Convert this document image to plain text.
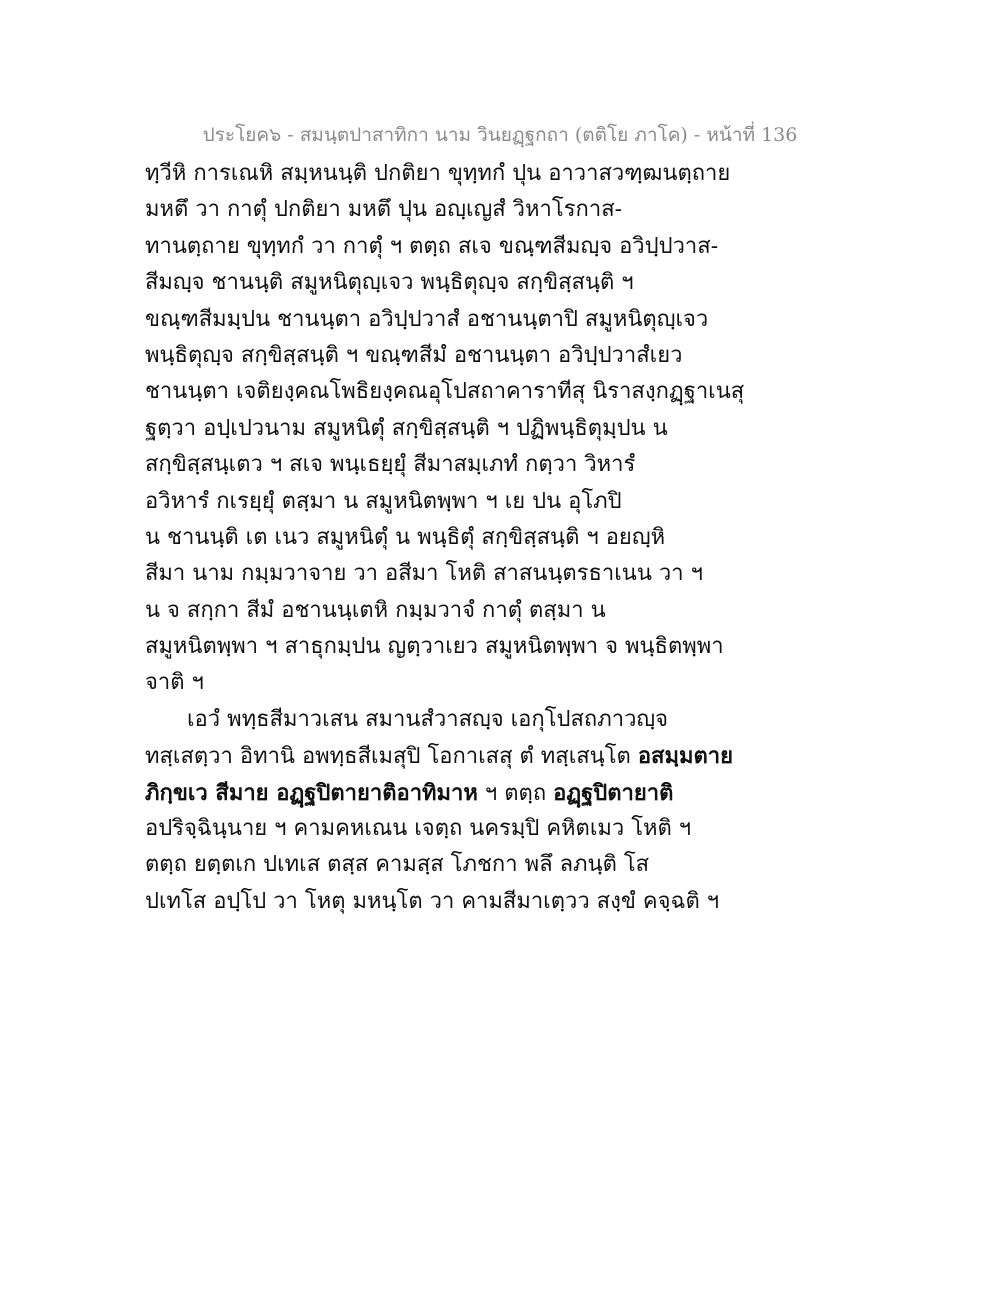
ประโยค๖ - สมนฺตปาสาทิกา นาม วินยฏฺฐกถา (ตติโย ภาโค) - หน้าที่ 136
ทฺวีหิ การเณหิ สมฺหนนฺติ ปกติยา ขุทฺทกํ ปุน อาวาสวฑฺฒนตฺถาย
มหตึ วา กาตุํ ปกติยา มหตึ ปุน อญฺเญสํ วิหาโรกาส-
ทานตฺถาย ขุทฺทกํ วา กาตุํ ฯ ตตฺถ สเจ ขณฺฑสีมญฺจ อวิปฺปวาส-
สีมญฺจ ชานนฺติ สมูหนิตุญฺเจว พนฺธิตุญฺจ สกฺขิสฺสนฺติ ฯ
ขณฺฑสีมมฺปน ชานนฺตา อวิปฺปวาสํ อชานนฺตาปิ สมูหนิตุญฺเจว
พนฺธิตุญฺจ สกฺขิสฺสนฺติ ฯ ขณฺฑสีมํ อชานนฺตา อวิปฺปวาสํเยว
ชานนฺตา เจติยงฺคณโพธิยงฺคณอุโปสถาคาราทีสุ นิราสงฺกฏฺฐาเนสุ
ฐตฺวา อปฺเปวนาม สมูหนิตุํ สกฺขิสฺสนฺติ ฯ ปฏิพนฺธิตุมฺปน น
สกฺขิสฺสนฺเตว ฯ สเจ พนฺเธยฺยุํ สีมาสมฺเภทํ กตฺวา วิหารํ
อวิหารํ กเรยฺยุํ ตสฺมา น สมูหนิตพฺพา ฯ เย ปน อุโภปิ
น ชานนฺติ เต เนว สมูหนิตุํ น พนฺธิตุํ สกฺขิสฺสนฺติ ฯ อยญฺหิ
สีมา นาม กมฺมวาจาย วา อสีมา โหติ สาสนนฺตรธาเนน วา ฯ
น จ สกฺกา สีมํ อชานนฺเตหิ กมฺมวาจํ กาตุํ ตสฺมา น
สมูหนิตพฺพา ฯ สาธุกมฺปน ญตฺวาเยว สมูหนิตพฺพา จ พนฺธิตพฺพา
จาติ ฯ
เอวํ พทฺธสีมาวเสน สมานสํวาสญฺจ เอกุโปสถภาวญฺจ
ทสฺเสตฺวา อิทานิ อพทฺธสีเมสุปิ โอกาเสสุ ตํ ทสฺเสนฺโต อสมฺมตาย
ภิกฺขเว สีมาย อฏฺฐปิตายาติอาทิมาห ฯ ตตฺถ อฏฺฐปิตายาติ
อปริจฺฉินฺนาย ฯ คามคหเณน เจตฺถ นครมฺปิ คหิตเมว โหติ ฯ
ตตฺถ ยตฺตเก ปเทเส ตสฺส คามสฺส โภชกา พลึ ลภนฺติ โส
ปเทโส อปฺโป วา โหตุ มหนฺโต วา คามสีมาเตฺวว สงฺขํ คจฺฉติ ฯ
